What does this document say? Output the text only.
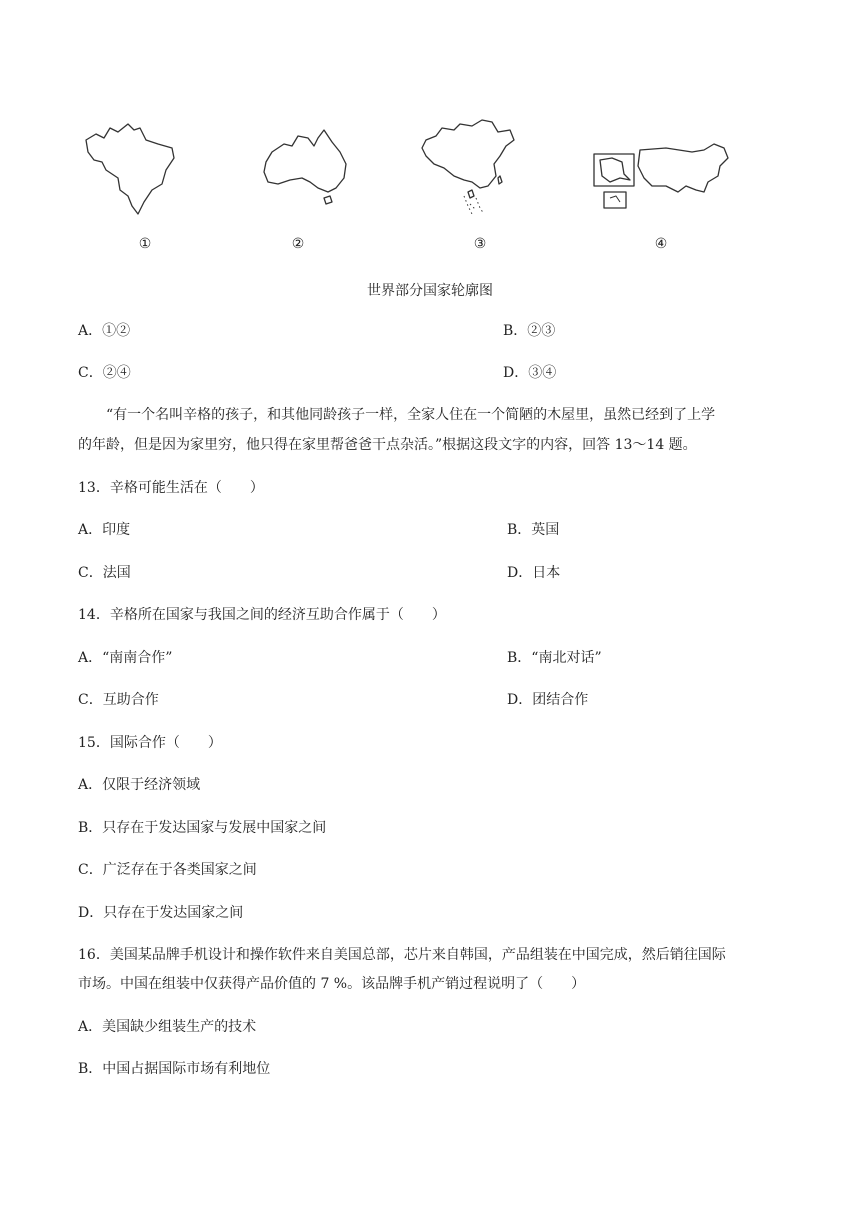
①	②	③	④
世界部分国家轮廓图
A．①②	B．②③
C．②④	D．③④
“有一个名叫辛格的孩子，和其他同龄孩子一样，全家人住在一个简陋的木屋里，虽然已经到了上学
的年龄，但是因为家里穷，他只得在家里帮爸爸干点杂活。”根据这段文字的内容，回答 13～14 题。
13．辛格可能生活在（　　）
A．印度	B．英国
C．法国	D．日本
14．辛格所在国家与我国之间的经济互助合作属于（　　）
A．“南南合作”	B．“南北对话”
C．互助合作	D．团结合作
15．国际合作（　　）
A．仅限于经济领域
B．只存在于发达国家与发展中国家之间
C．广泛存在于各类国家之间
D．只存在于发达国家之间
16．美国某品牌手机设计和操作软件来自美国总部，芯片来自韩国，产品组装在中国完成，然后销往国际
市场。中国在组装中仅获得产品价值的 7 %。该品牌手机产销过程说明了（　　）
A．美国缺少组装生产的技术
B．中国占据国际市场有利地位
